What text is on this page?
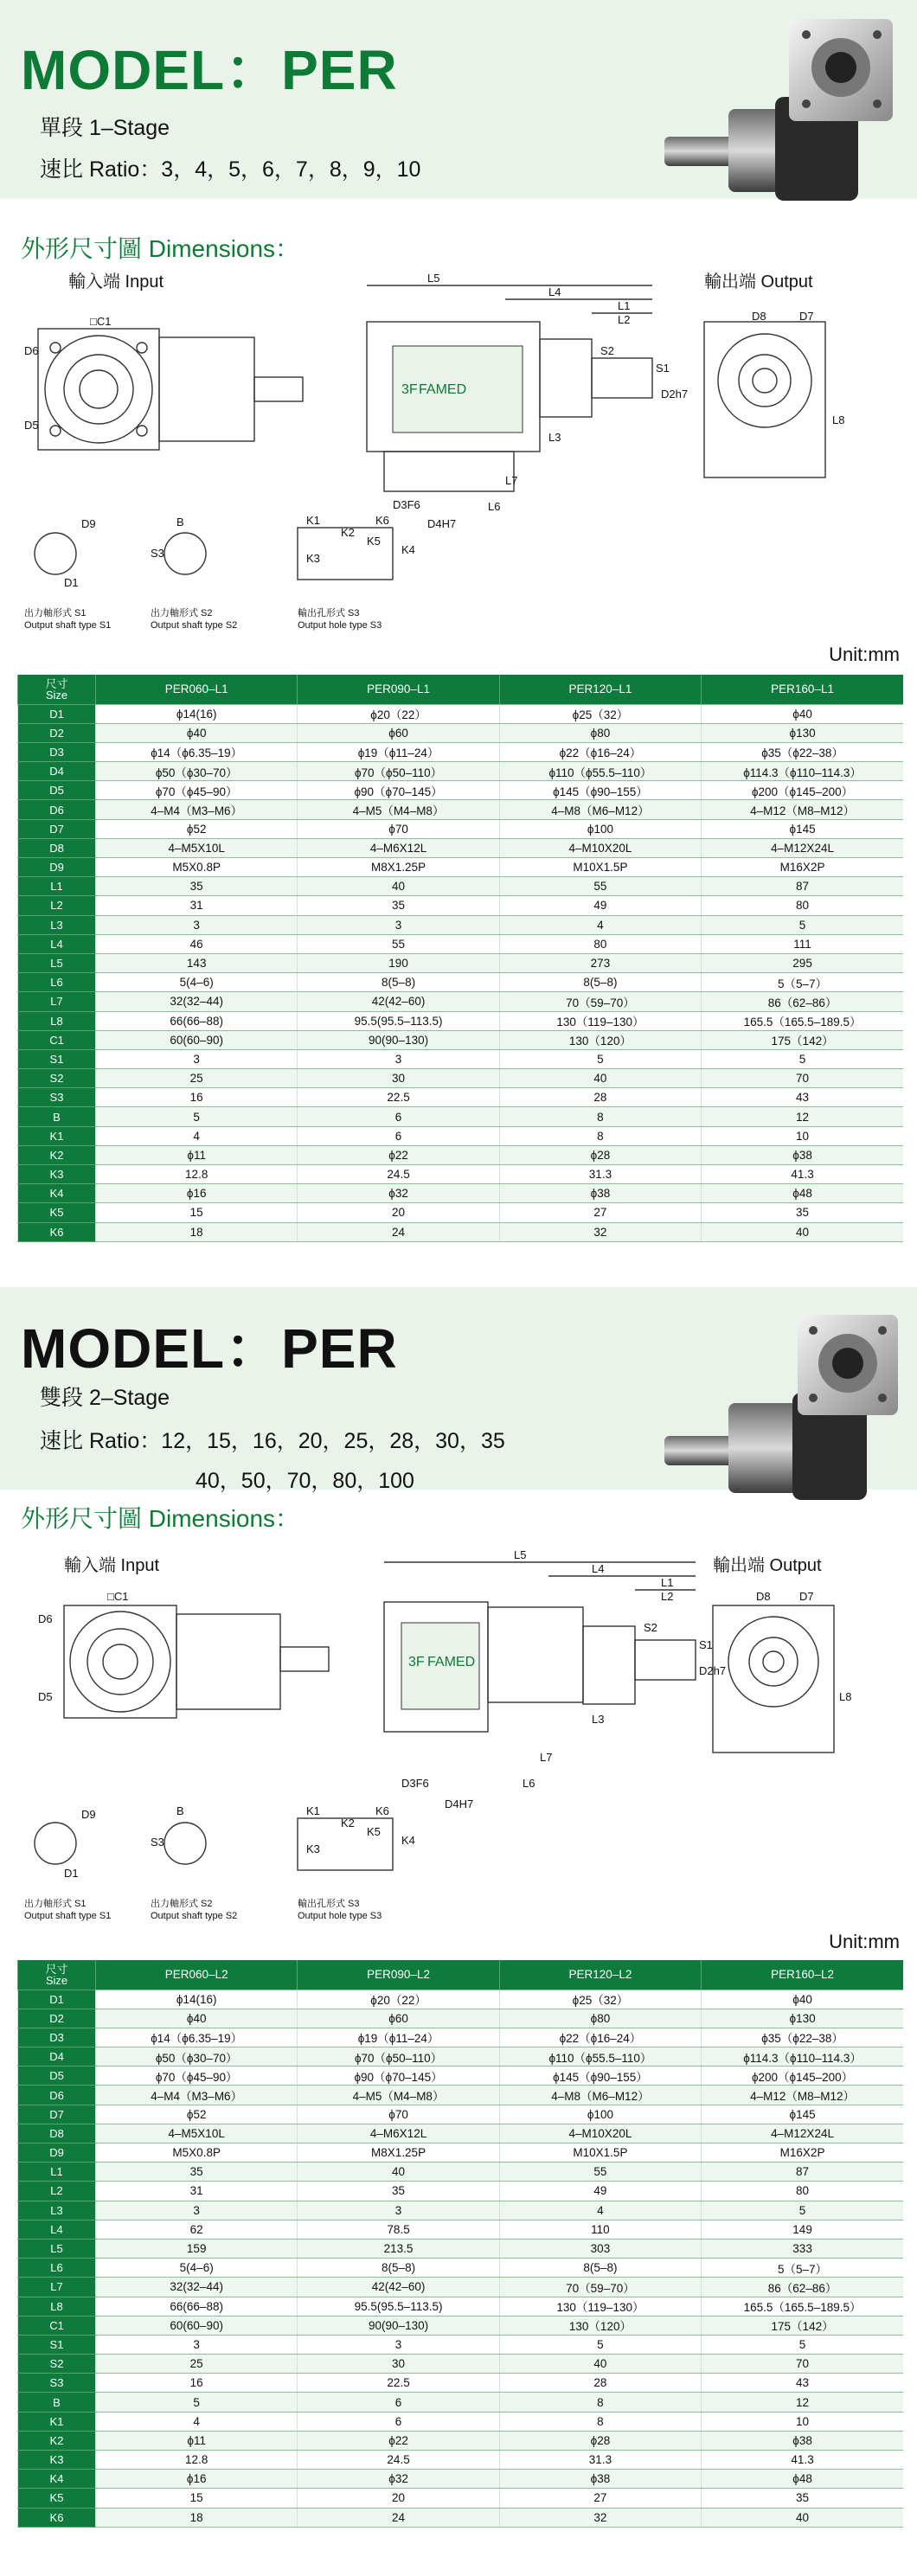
MODEL：PER
單段 1–Stage
速比 Ratio：3，4，5，6，7，8，9，10
外形尺寸圖 Dimensions：
輸入端 Input	輸出端 Output
□C1
D6
D5
L5
L4
L1
L2
S2
S1
D2h7
L3
L7
L6
D3F6
D4H7
D8	D7
L8
D9
D1
B
S3
K1
K2
K3
K4
K5
K6
FAMED
3F
出力軸形式 S1
Output shaft type S1
出力軸形式 S2
Output shaft type S2
輸出孔形式 S3
Output hole type S3
Unit:mm
尺寸
Size	PER060–L1	PER090–L1	PER120–L1	PER160–L1
D1	ϕ14(16)	ϕ20（22）	ϕ25（32）	ϕ40
D2	ϕ40	ϕ60	ϕ80	ϕ130
D3	ϕ14（ϕ6.35–19）	ϕ19（ϕ11–24）	ϕ22（ϕ16–24）	ϕ35（ϕ22–38）
D4	ϕ50（ϕ30–70）	ϕ70（ϕ50–110）	ϕ110（ϕ55.5–110）	ϕ114.3（ϕ110–114.3）
D5	ϕ70（ϕ45–90）	ϕ90（ϕ70–145）	ϕ145（ϕ90–155）	ϕ200（ϕ145–200）
D6	4–M4（M3–M6）	4–M5（M4–M8）	4–M8（M6–M12）	4–M12（M8–M12）
D7	ϕ52	ϕ70	ϕ100	ϕ145
D8	4–M5X10L	4–M6X12L	4–M10X20L	4–M12X24L
D9	M5X0.8P	M8X1.25P	M10X1.5P	M16X2P
L1	35	40	55	87
L2	31	35	49	80
L3	3	3	4	5
L4	46	55	80	111
L5	143	190	273	295
L6	5(4–6)	8(5–8)	8(5–8)	5（5–7）
L7	32(32–44)	42(42–60)	70（59–70）	86（62–86）
L8	66(66–88)	95.5(95.5–113.5)	130（119–130）	165.5（165.5–189.5）
C1	60(60–90)	90(90–130)	130（120）	175（142）
S1	3	3	5	5
S2	25	30	40	70
S3	16	22.5	28	43
B	5	6	8	12
K1	4	6	8	10
K2	ϕ11	ϕ22	ϕ28	ϕ38
K3	12.8	24.5	31.3	41.3
K4	ϕ16	ϕ32	ϕ38	ϕ48
K5	15	20	27	35
K6	18	24	32	40
MODEL：PER
雙段 2–Stage
速比 Ratio：12，15，16，20，25，28，30，35
40，50，70，80，100
外形尺寸圖 Dimensions：
輸入端 Input	輸出端 Output
□C1
D6
D5
L5
L4
L1
L2
S2
S1
D2h7
L3
L7
L6
D3F6
D4H7
D8	D7
L8
D9
D1
B
S3
K1
K2
K3
K4
K5
K6
FAMED
3F
出力軸形式 S1
Output shaft type S1
出力軸形式 S2
Output shaft type S2
輸出孔形式 S3
Output hole type S3
Unit:mm
尺寸
Size	PER060–L2	PER090–L2	PER120–L2	PER160–L2
D1	ϕ14(16)	ϕ20（22）	ϕ25（32）	ϕ40
D2	ϕ40	ϕ60	ϕ80	ϕ130
D3	ϕ14（ϕ6.35–19）	ϕ19（ϕ11–24）	ϕ22（ϕ16–24）	ϕ35（ϕ22–38）
D4	ϕ50（ϕ30–70）	ϕ70（ϕ50–110）	ϕ110（ϕ55.5–110）	ϕ114.3（ϕ110–114.3）
D5	ϕ70（ϕ45–90）	ϕ90（ϕ70–145）	ϕ145（ϕ90–155）	ϕ200（ϕ145–200）
D6	4–M4（M3–M6）	4–M5（M4–M8）	4–M8（M6–M12）	4–M12（M8–M12）
D7	ϕ52	ϕ70	ϕ100	ϕ145
D8	4–M5X10L	4–M6X12L	4–M10X20L	4–M12X24L
D9	M5X0.8P	M8X1.25P	M10X1.5P	M16X2P
L1	35	40	55	87
L2	31	35	49	80
L3	3	3	4	5
L4	62	78.5	110	149
L5	159	213.5	303	333
L6	5(4–6)	8(5–8)	8(5–8)	5（5–7）
L7	32(32–44)	42(42–60)	70（59–70）	86（62–86）
L8	66(66–88)	95.5(95.5–113.5)	130（119–130）	165.5（165.5–189.5）
C1	60(60–90)	90(90–130)	130（120）	175（142）
S1	3	3	5	5
S2	25	30	40	70
S3	16	22.5	28	43
B	5	6	8	12
K1	4	6	8	10
K2	ϕ11	ϕ22	ϕ28	ϕ38
K3	12.8	24.5	31.3	41.3
K4	ϕ16	ϕ32	ϕ38	ϕ48
K5	15	20	27	35
K6	18	24	32	40
